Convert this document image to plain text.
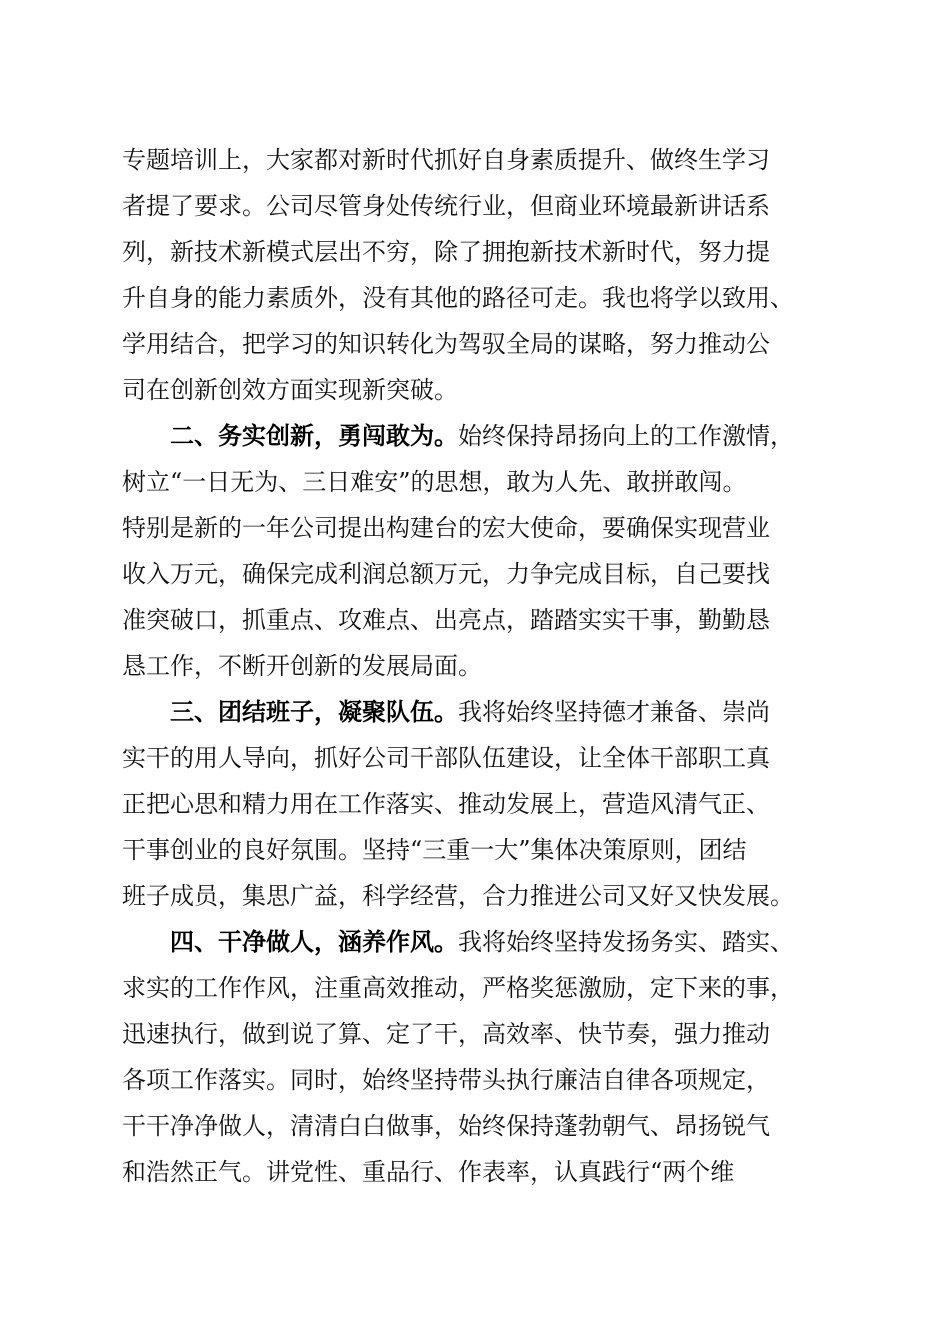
专题培训上，大家都对新时代抓好自身素质提升、做终生学习
者提了要求。公司尽管身处传统行业，但商业环境最新讲话系
列，新技术新模式层出不穷，除了拥抱新技术新时代，努力提
升自身的能力素质外，没有其他的路径可走。我也将学以致用、
学用结合，把学习的知识转化为驾驭全局的谋略，努力推动公
司在创新创效方面实现新突破。
二、务实创新，勇闯敢为。始终保持昂扬向上的工作激情，
树立“一日无为、三日难安”的思想，敢为人先、敢拼敢闯。
特别是新的一年公司提出构建台的宏大使命，要确保实现营业
收入万元，确保完成利润总额万元，力争完成目标，自己要找
准突破口，抓重点、攻难点、出亮点，踏踏实实干事，勤勤恳
恳工作，不断开创新的发展局面。
三、团结班子，凝聚队伍。我将始终坚持德才兼备、崇尚
实干的用人导向，抓好公司干部队伍建设，让全体干部职工真
正把心思和精力用在工作落实、推动发展上，营造风清气正、
干事创业的良好氛围。坚持“三重一大”集体决策原则，团结
班子成员，集思广益，科学经营，合力推进公司又好又快发展。
四、干净做人，涵养作风。我将始终坚持发扬务实、踏实、
求实的工作作风，注重高效推动，严格奖惩激励，定下来的事，
迅速执行，做到说了算、定了干，高效率、快节奏，强力推动
各项工作落实。同时，始终坚持带头执行廉洁自律各项规定，
干干净净做人，清清白白做事，始终保持蓬勃朝气、昂扬锐气
和浩然正气。讲党性、重品行、作表率，认真践行“两个维
